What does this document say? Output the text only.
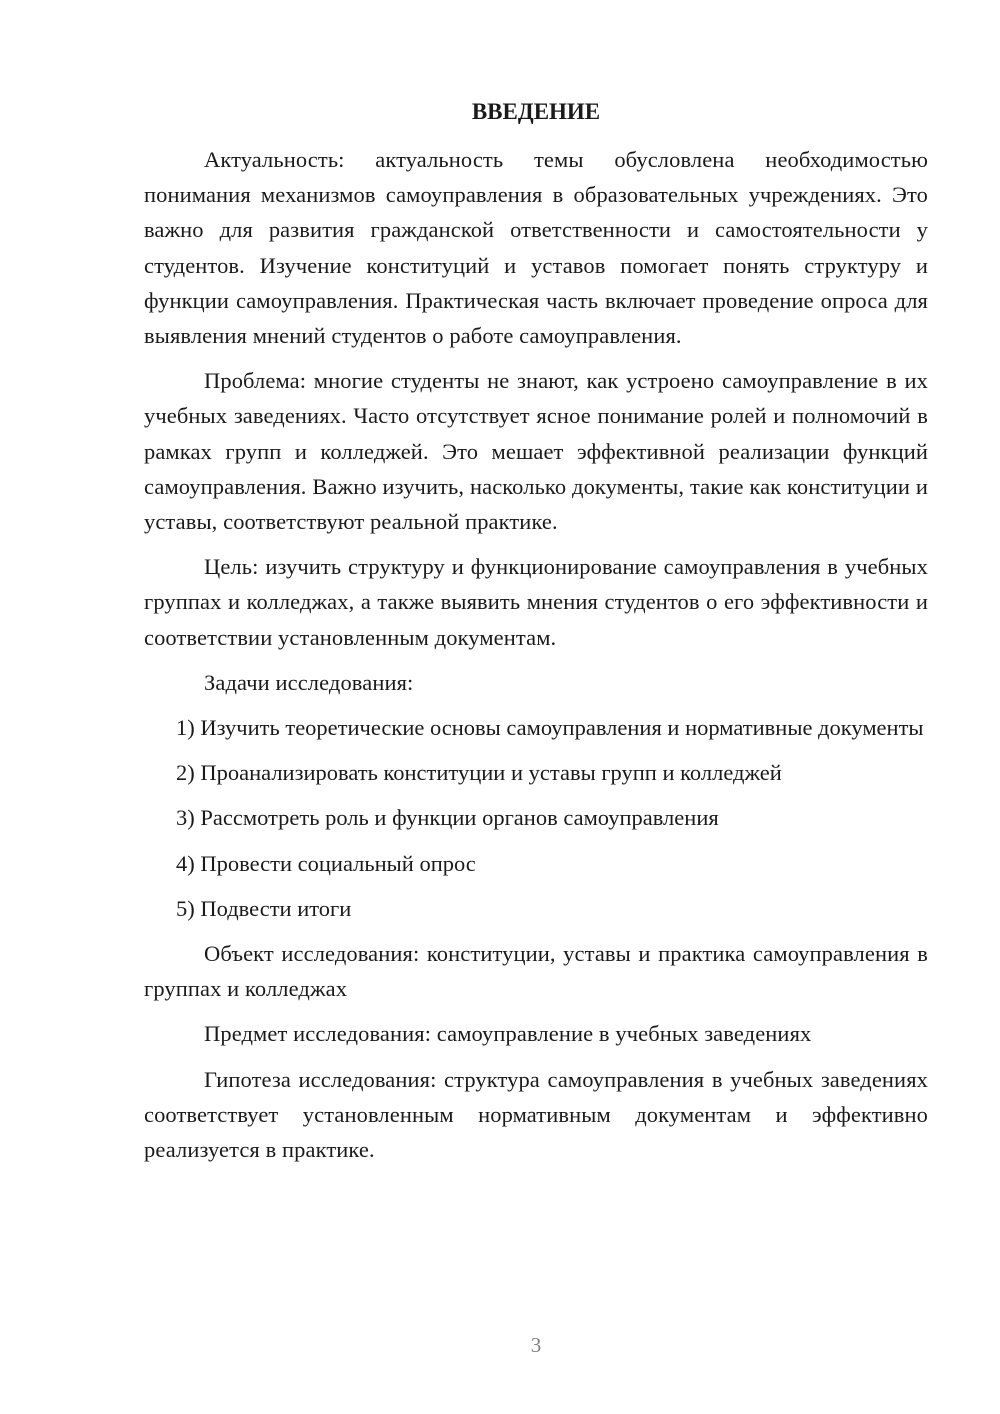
ВВЕДЕНИЕ

Актуальность: актуальность темы обусловлена необходимостью понимания механизмов самоуправления в образовательных учреждениях. Это важно для развития гражданской ответственности и самостоятельности у студентов. Изучение конституций и уставов помогает понять структуру и функции самоуправления. Практическая часть включает проведение опроса для выявления мнений студентов о работе самоуправления.

Проблема: многие студенты не знают, как устроено самоуправление в их учебных заведениях. Часто отсутствует ясное понимание ролей и полномочий в рамках групп и колледжей. Это мешает эффективной реализации функций самоуправления. Важно изучить, насколько документы, такие как конституции и уставы, соответствуют реальной практике.

Цель: изучить структуру и функционирование самоуправления в учебных группах и колледжах, а также выявить мнения студентов о его эффективности и соответствии установленным документам.

Задачи исследования:

1) Изучить теоретические основы самоуправления и нормативные документы

2) Проанализировать конституции и уставы групп и колледжей

3) Рассмотреть роль и функции органов самоуправления

4) Провести социальный опрос

5) Подвести итоги

Объект исследования: конституции, уставы и практика самоуправления в группах и колледжах

Предмет исследования: самоуправление в учебных заведениях

Гипотеза исследования: структура самоуправления в учебных заведениях соответствует установленным нормативным документам и эффективно реализуется в практике.

3
